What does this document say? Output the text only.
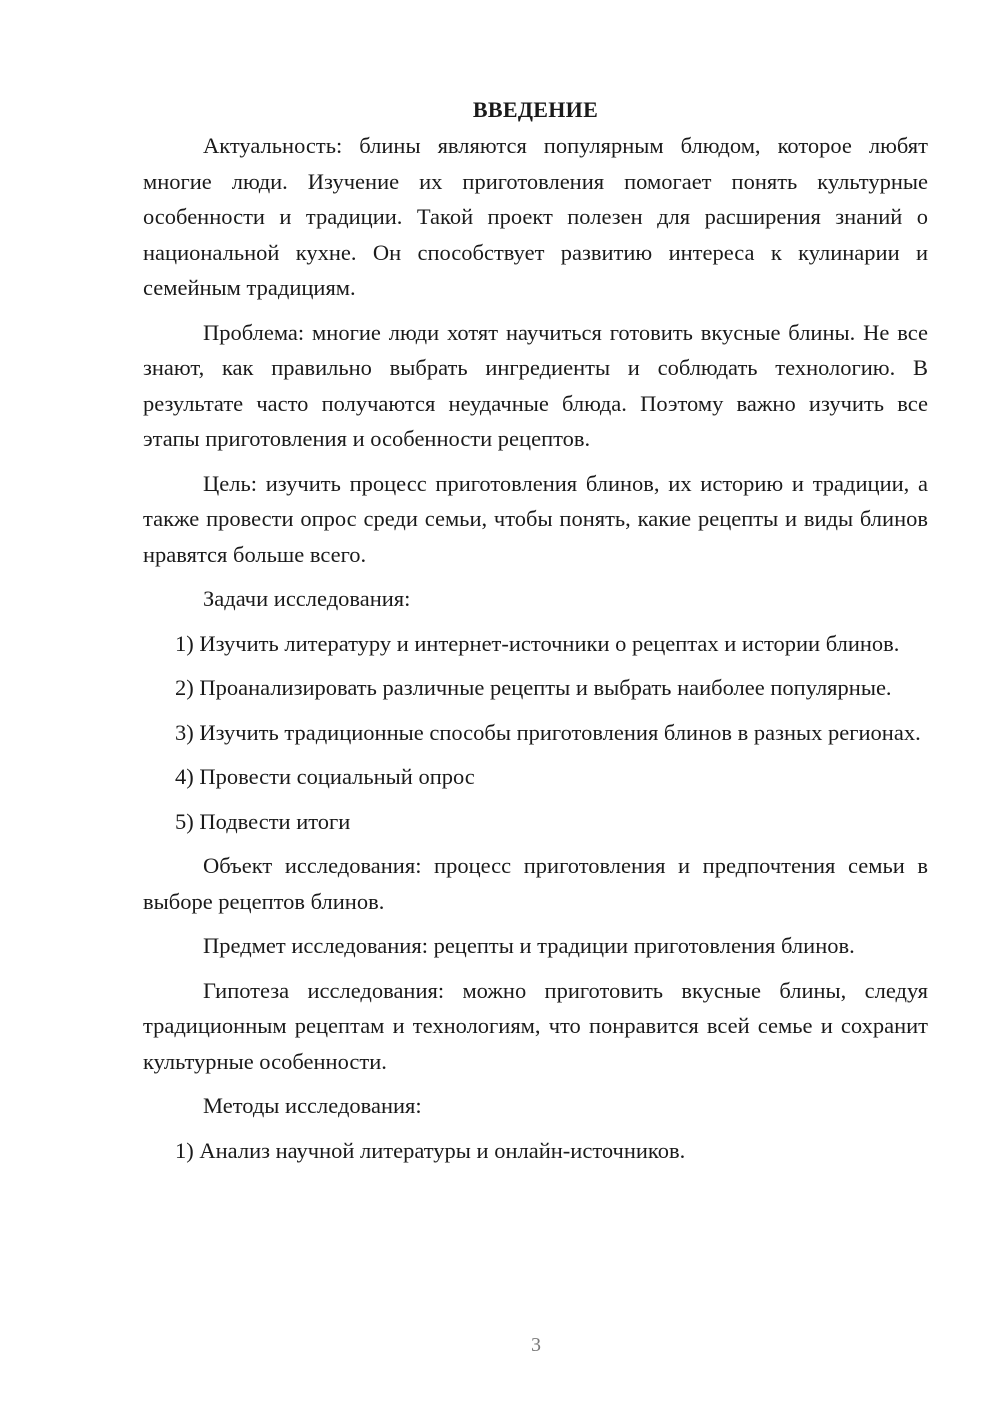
ВВЕДЕНИЕ

Актуальность: блины являются популярным блюдом, которое любят многие люди. Изучение их приготовления помогает понять культурные особенности и традиции. Такой проект полезен для расширения знаний о национальной кухне. Он способствует развитию интереса к кулинарии и семейным традициям.

Проблема: многие люди хотят научиться готовить вкусные блины. Не все знают, как правильно выбрать ингредиенты и соблюдать технологию. В результате часто получаются неудачные блюда. Поэтому важно изучить все этапы приготовления и особенности рецептов.

Цель: изучить процесс приготовления блинов, их историю и традиции, а также провести опрос среди семьи, чтобы понять, какие рецепты и виды блинов нравятся больше всего.

Задачи исследования:

1) Изучить литературу и интернет-источники о рецептах и истории блинов.

2) Проанализировать различные рецепты и выбрать наиболее популярные.

3) Изучить традиционные способы приготовления блинов в разных регионах.

4) Провести социальный опрос

5) Подвести итоги

Объект исследования: процесс приготовления и предпочтения семьи в выборе рецептов блинов.

Предмет исследования: рецепты и традиции приготовления блинов.

Гипотеза исследования: можно приготовить вкусные блины, следуя традиционным рецептам и технологиям, что понравится всей семье и сохранит культурные особенности.

Методы исследования:

1) Анализ научной литературы и онлайн-источников.

3
